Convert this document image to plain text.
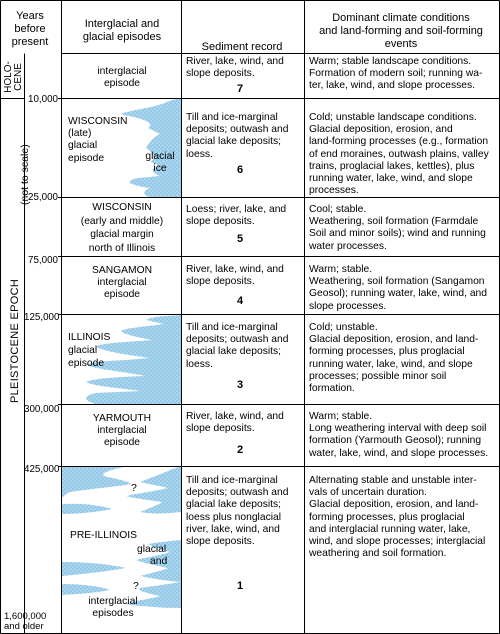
Years
before
present
Interglacial and
glacial episodes
Sediment record
Dominant climate conditions
and land-forming and soil-forming
events
HOLO-
CENE
PLEISTOCENE EPOCH
(not to scale)
10,000
25,000
75,000
125,000
300,000
425,000
1,600,000
and older
interglacial
episode
River, lake, wind, and
slope deposits.
7
Warm; stable landscape conditions.
Formation of modern soil; running wa-
ter, lake, wind, and slope processes.
WISCONSIN
(late)
glacial
episode	glacial
ice
Till and ice-marginal
deposits; outwash and
glacial lake deposits;
loess.
6
Cold; unstable landscape conditions.
Glacial deposition, erosion, and
land-forming processes (e.g., formation
of end moraines, outwash plains, valley
trains, proglacial lakes, kettles), plus
running water, lake, wind, and slope
processes.
WISCONSIN
(early and middle)
glacial margin
north of Illinois
Loess; river, lake, and
slope deposits.
5
Cool; stable.
Weathering, soil formation (Farmdale
Soil and minor soils); wind and running
water processes.
SANGAMON
interglacial
episode
River, lake, wind, and
slope deposits.
4
Warm; stable.
Weathering, soil formation (Sangamon
Geosol); running water, lake, wind, and
slope processes.
ILLINOIS
glacial
episode
Till and ice-marginal
deposits; outwash and
glacial lake deposits;
loess.
3
Cold; unstable.
Glacial deposition, erosion, and land-
forming processes, plus proglacial
running water, lake, wind, and slope
processes; possible minor soil
formation.
YARMOUTH
interglacial
episode
River, lake, wind, and
slope deposits.
2
Warm; stable.
Long weathering interval with deep soil
formation (Yarmouth Geosol); running
water, lake, wind, and slope processes.
PRE-ILLINOIS
glacial
and
interglacial
episodes
?
?
Till and ice-marginal
deposits; outwash and
glacial lake deposits;
loess plus nonglacial
river, lake, wind, and
slope deposits.
1
Alternating stable and unstable inter-
vals of uncertain duration.
Glacial deposition, erosion, and land-
forming processes, plus proglacial
and interglacial running water, lake,
wind, and slope processes; interglacial
weathering and soil formation.
